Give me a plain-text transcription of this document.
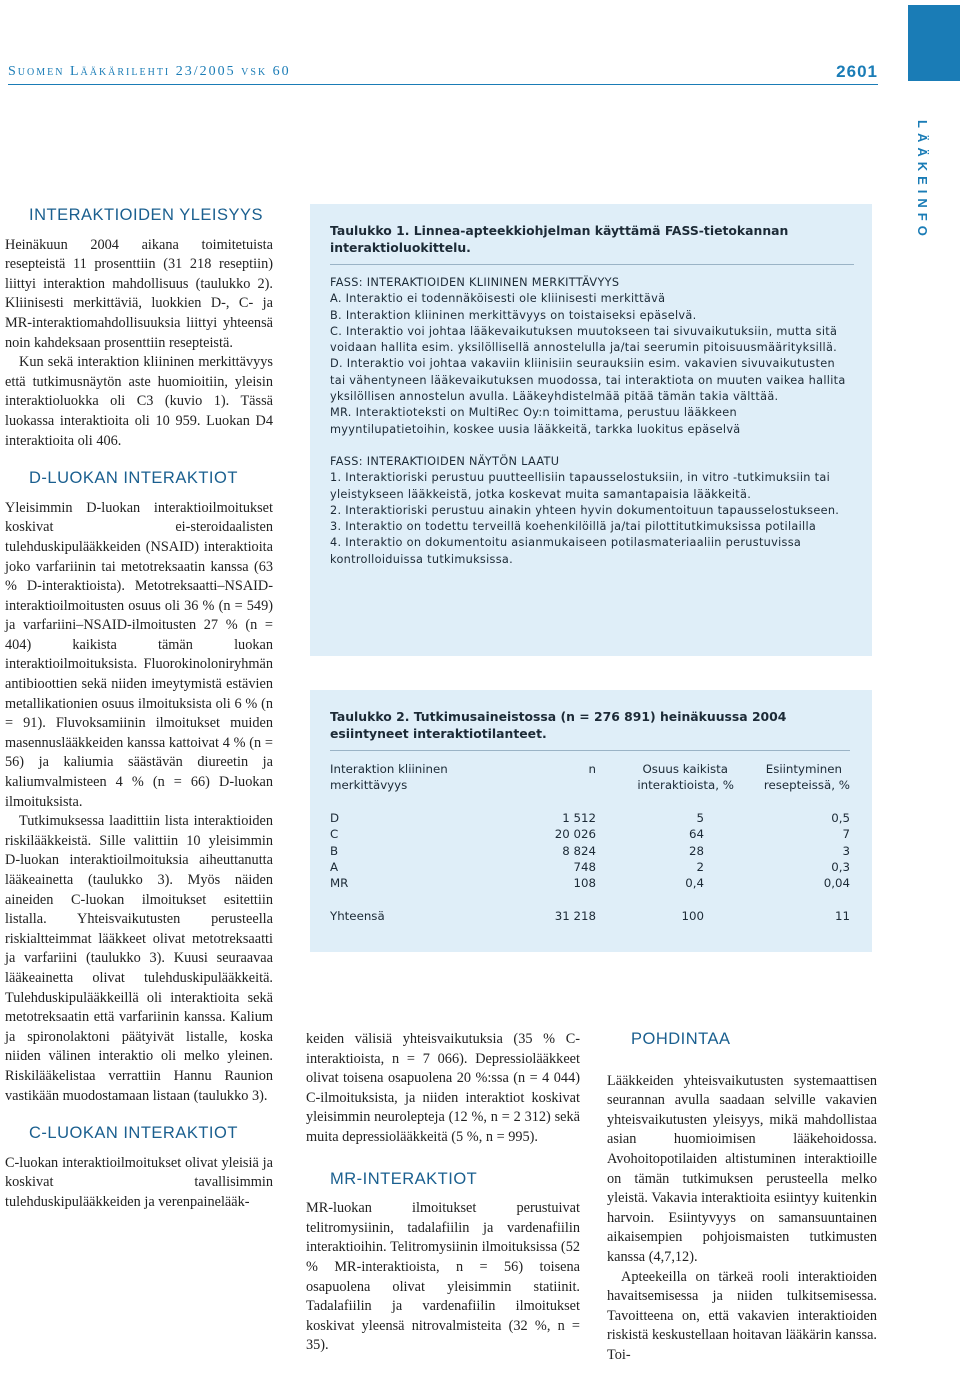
Suomen Lääkärilehti 23/2005 vsk 60	2601
LÄÄKEINFO
INTERAKTIOIDEN YLEISYYS

Heinäkuun 2004 aikana toimitetuista resepteistä 11 prosenttiin (31 218 reseptiin) liittyi interaktion mahdollisuus (taulukko 2). Kliinisesti merkittäviä, luokkien D-, C- ja MR-interaktiomahdollisuuksia liittyi yhteensä noin kahdeksaan prosenttiin resepteistä.

Kun sekä interaktion kliininen merkittävyys että tutkimusnäytön aste huomioitiin, yleisin interaktioluokka oli C3 (kuvio 1). Tässä luokassa interaktioita oli 10 959. Luokan D4 interaktioita oli 406.

D-LUOKAN INTERAKTIOT

Yleisimmin D-luokan interaktioilmoitukset koskivat ei-steroidaalisten tulehduskipulääkkeiden (NSAID) interaktioita joko varfariinin tai metotreksaatin kanssa (63 % D-interaktioista). Metotreksaatti–NSAID-interaktioilmoitusten osuus oli 36 % (n = 549) ja varfariini–NSAID-ilmoitusten 27 % (n = 404) kaikista tämän luokan interaktioilmoituksista. Fluorokinoloniryhmän antibioottien sekä niiden imeytymistä estävien metallikationien osuus ilmoituksista oli 6 % (n = 91). Fluvoksamiinin ilmoitukset muiden masennuslääkkeiden kanssa kattoivat 4 % (n = 56) ja kaliumia säästävän diureetin ja kaliumvalmisteen 4 % (n = 66) D-luokan ilmoituksista.

Tutkimuksessa laadittiin lista interaktioiden riskilääkkeistä. Sille valittiin 10 yleisimmin D-luokan interaktioilmoituksia aiheuttanutta lääkeainetta (taulukko 3). Myös näiden aineiden C-luokan ilmoitukset esitettiin listalla. Yhteisvaikutusten perusteella riskialtteimmat lääkkeet olivat metotreksaatti ja varfariini (taulukko 3). Kuusi seuraavaa lääkeainetta olivat tulehduskipulääkkeitä. Tulehduskipulääkkeillä oli interaktioita sekä metotreksaatin että varfariinin kanssa. Kalium ja spironolaktoni päätyivät listalle, koska niiden välinen interaktio oli melko yleinen. Riskilääkelistaa verrattiin Hannu Raunion vastikään muodostamaan listaan (taulukko 3).

C-LUOKAN INTERAKTIOT

C-luokan interaktioilmoitukset olivat yleisiä ja koskivat tavallisimmin tulehduskipulääkkeiden ja verenpainelääk-

Taulukko 1. Linnea-apteekkiohjelman käyttämä FASS-tietokannan interaktioluokittelu.

FASS: INTERAKTIOIDEN KLIININEN MERKITTÄVYYS
A. Interaktio ei todennäköisesti ole kliinisesti merkittävä
B. Interaktion kliininen merkittävyys on toistaiseksi epäselvä.
C. Interaktio voi johtaa lääkevaikutuksen muutokseen tai sivuvaikutuksiin, mutta sitä voidaan hallita esim. yksilöllisellä annostelulla ja/tai seerumin pitoisuusmäärityksillä.
D. Interaktio voi johtaa vakaviin kliinisiin seurauksiin esim. vakavien sivuvaikutusten tai vähentyneen lääkevaikutuksen muodossa, tai interaktiota on muuten vaikea hallita yksilöllisen annostelun avulla. Lääkeyhdistelmää pitää tämän takia välttää.
MR. Interaktioteksti on MultiRec Oy:n toimittama, perustuu lääkkeen myyntilupatietoihin, koskee uusia lääkkeitä, tarkka luokitus epäselvä
FASS: INTERAKTIOIDEN NÄYTÖN LAATU
1. Interaktioriski perustuu puutteellisiin tapausselostuksiin, in vitro -tutkimuksiin tai yleistykseen lääkkeistä, jotka koskevat muita samantapaisia lääkkeitä.
2. Interaktioriski perustuu ainakin yhteen hyvin dokumentoituun tapausselostukseen.
3. Interaktio on todettu terveillä koehenkilöillä ja/tai pilottitutkimuksissa potilailla
4. Interaktio on dokumentoitu asianmukaiseen potilasmateriaaliin perustuvissa kontrolloiduissa tutkimuksissa.

Taulukko 2. Tutkimusaineistossa (n = 276 891) heinäkuussa 2004 esiintyneet interaktiotilanteet.

Interaktion kliininen
merkittävyys	n	Osuus kaikista
interaktioista, %	Esiintyminen
resepteissä, %

D	1 512	5	0,5
C	20 026	64	7
B	8 824	28	3
A	748	2	0,3
MR	108	0,4	0,04

Yhteensä	31 218	100	11

keiden välisiä yhteisvaikutuksia (35 % C-interaktioista, n = 7 066). Depressiolääkkeet olivat toisena osapuolena 20 %:ssa (n = 4 044) C-ilmoituksista, ja niiden interaktiot koskivat yleisimmin neurolepteja (12 %, n = 2 312) sekä muita depressiolääkkeitä (5 %, n = 995).

MR-INTERAKTIOT

MR-luokan ilmoitukset perustuivat telitromysiinin, tadalafiilin ja vardenafiilin interaktioihin. Telitromysiinin ilmoituksissa (52 % MR-interaktioista, n = 56) toisena osapuolena olivat yleisimmin statiinit. Tadalafiilin ja vardenafiilin ilmoitukset koskivat yleensä nitrovalmisteita (32 %, n = 35).

POHDINTAA

Lääkkeiden yhteisvaikutusten systemaattisen seurannan avulla saadaan selville vakavien yhteisvaikutusten yleisyys, mikä mahdollistaa asian huomioimisen lääkehoidossa. Avohoitopotilaiden altistuminen interaktioille on tämän tutkimuksen perusteella melko yleistä. Vakavia interaktioita esiintyy kuitenkin harvoin. Esiintyvyys on samansuuntainen aikaisempien pohjoismaisten tutkimusten kanssa (4,7,12).

Apteekeilla on tärkeä rooli interaktioiden havaitsemisessa ja niiden tulkitsemisessa. Tavoitteena on, että vakavien interaktioiden riskistä keskustellaan hoitavan lääkärin kanssa. Toi-
